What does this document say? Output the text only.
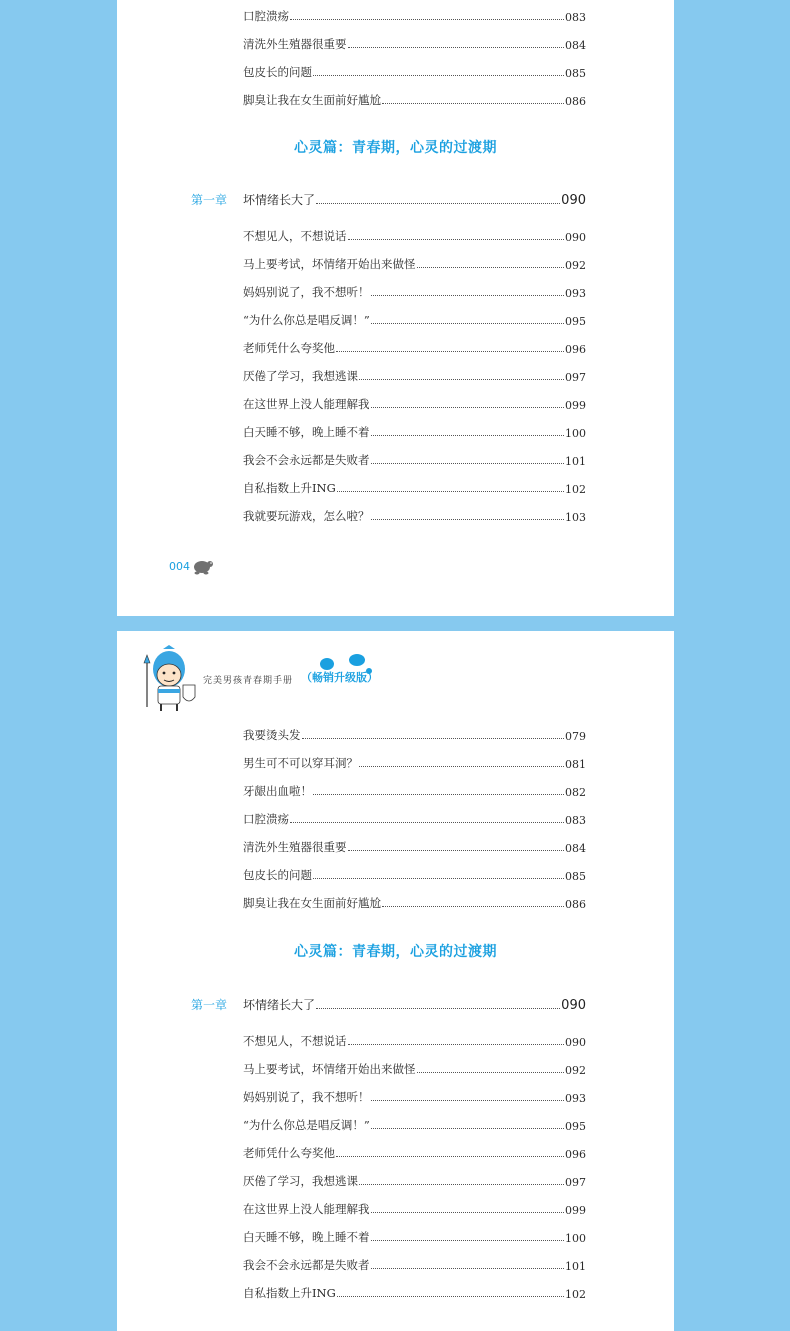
口腔溃疡	083
清洗外生殖器很重要	084
包皮长的问题	085
脚臭让我在女生面前好尴尬	086
心灵篇：青春期，心灵的过渡期
第一章	坏情绪长大了	090
不想见人，不想说话	090
马上要考试，坏情绪开始出来做怪	092
妈妈别说了，我不想听！	093
“为什么你总是唱反调！”	095
老师凭什么夸奖他	096
厌倦了学习，我想逃课	097
在这世界上没人能理解我	099
白天睡不够，晚上睡不着	100
我会不会永远都是失败者	101
自私指数上升ING	102
我就要玩游戏，怎么啦？	103
004
完美男孩青春期手册 （畅销升级版）
我要烫头发	079
男生可不可以穿耳洞？	081
牙龈出血啦！	082
口腔溃疡	083
清洗外生殖器很重要	084
包皮长的问题	085
脚臭让我在女生面前好尴尬	086
心灵篇：青春期，心灵的过渡期
第一章	坏情绪长大了	090
不想见人，不想说话	090
马上要考试，坏情绪开始出来做怪	092
妈妈别说了，我不想听！	093
“为什么你总是唱反调！”	095
老师凭什么夸奖他	096
厌倦了学习，我想逃课	097
在这世界上没人能理解我	099
白天睡不够，晚上睡不着	100
我会不会永远都是失败者	101
自私指数上升ING	102
